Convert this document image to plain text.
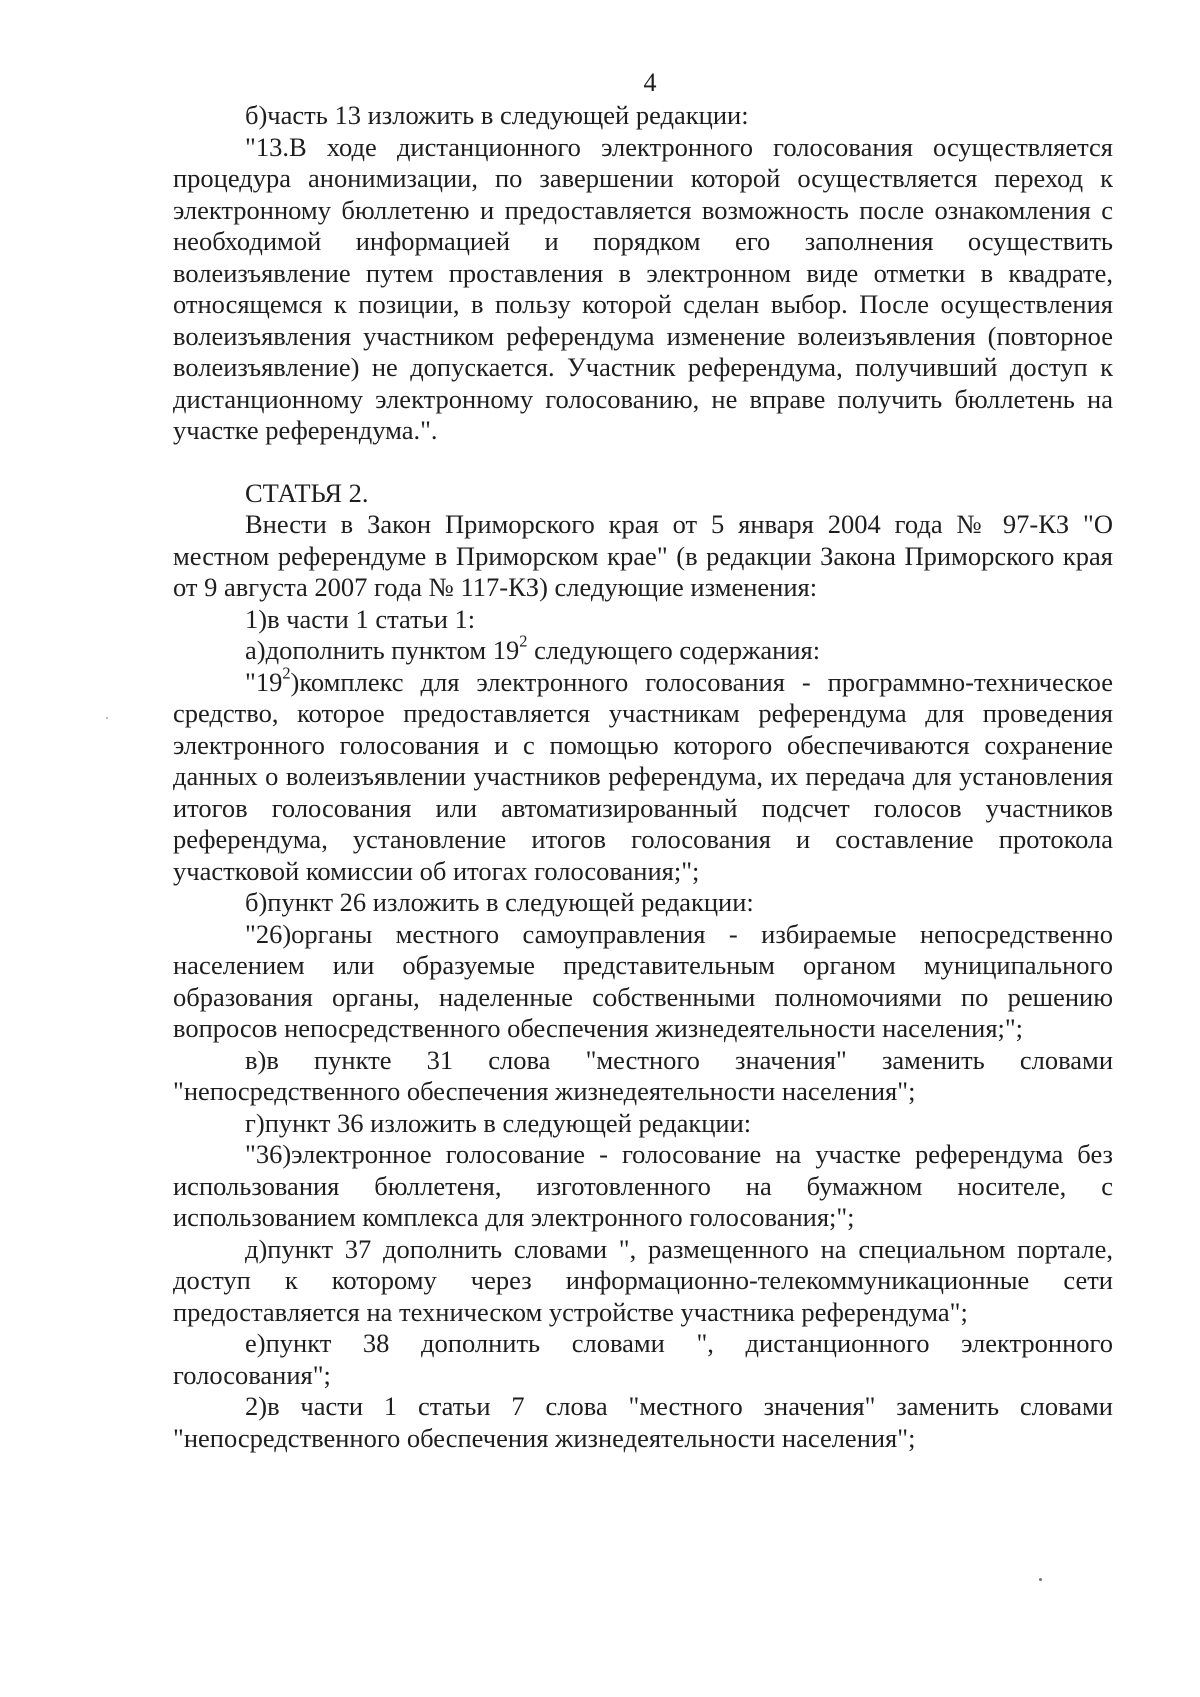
4

б)часть 13 изложить в следующей редакции:

"13.В ходе дистанционного электронного голосования осуществляется процедура анонимизации, по завершении которой осуществляется переход к электронному бюллетеню и предоставляется возможность после ознакомления с необходимой информацией и порядком его заполнения осуществить волеизъявление путем проставления в электронном виде отметки в квадрате, относящемся к позиции, в пользу которой сделан выбор. После осуществления волеизъявления участником референдума изменение волеизъявления (повторное волеизъявление) не допускается. Участник референдума, получивший доступ к дистанционному электронному голосованию, не вправе получить бюллетень на участке референдума.".

СТАТЬЯ 2.

Внести в Закон Приморского края от 5 января 2004 года № 97-КЗ "О местном референдуме в Приморском крае" (в редакции Закона Приморского края от 9 августа 2007 года № 117-КЗ) следующие изменения:

1)в части 1 статьи 1:

а)дополнить пунктом $19^2$ следующего содержания:

"$19^2)комплекс$ для электронного голосования - программно-техническое средство, которое предоставляется участникам референдума для проведения электронного голосования и с помощью которого обеспечиваются сохранение данных о волеизъявлении участников референдума, их передача для установления итогов голосования или автоматизированный подсчет голосов участников референдума, установление итогов голосования и составление протокола участковой комиссии об итогах голосования;";

б)пункт 26 изложить в следующей редакции:

"26)органы местного самоуправления - избираемые непосредственно населением или образуемые представительным органом муниципального образования органы, наделенные собственными полномочиями по решению вопросов непосредственного обеспечения жизнедеятельности населения;";

в)в пункте 31 слова "местного значения" заменить словами "непосредственного обеспечения жизнедеятельности населения";

г)пункт 36 изложить в следующей редакции:

"36)электронное голосование - голосование на участке референдума без использования бюллетеня, изготовленного на бумажном носителе, с использованием комплекса для электронного голосования;";

д)пункт 37 дополнить словами ", размещенного на специальном портале, доступ к которому через информационно-телекоммуникационные сети предоставляется на техническом устройстве участника референдума";

е)пункт 38 дополнить словами ", дистанционного электронного голосования";

2)в части 1 статьи 7 слова "местного значения" заменить словами "непосредственного обеспечения жизнедеятельности населения";
